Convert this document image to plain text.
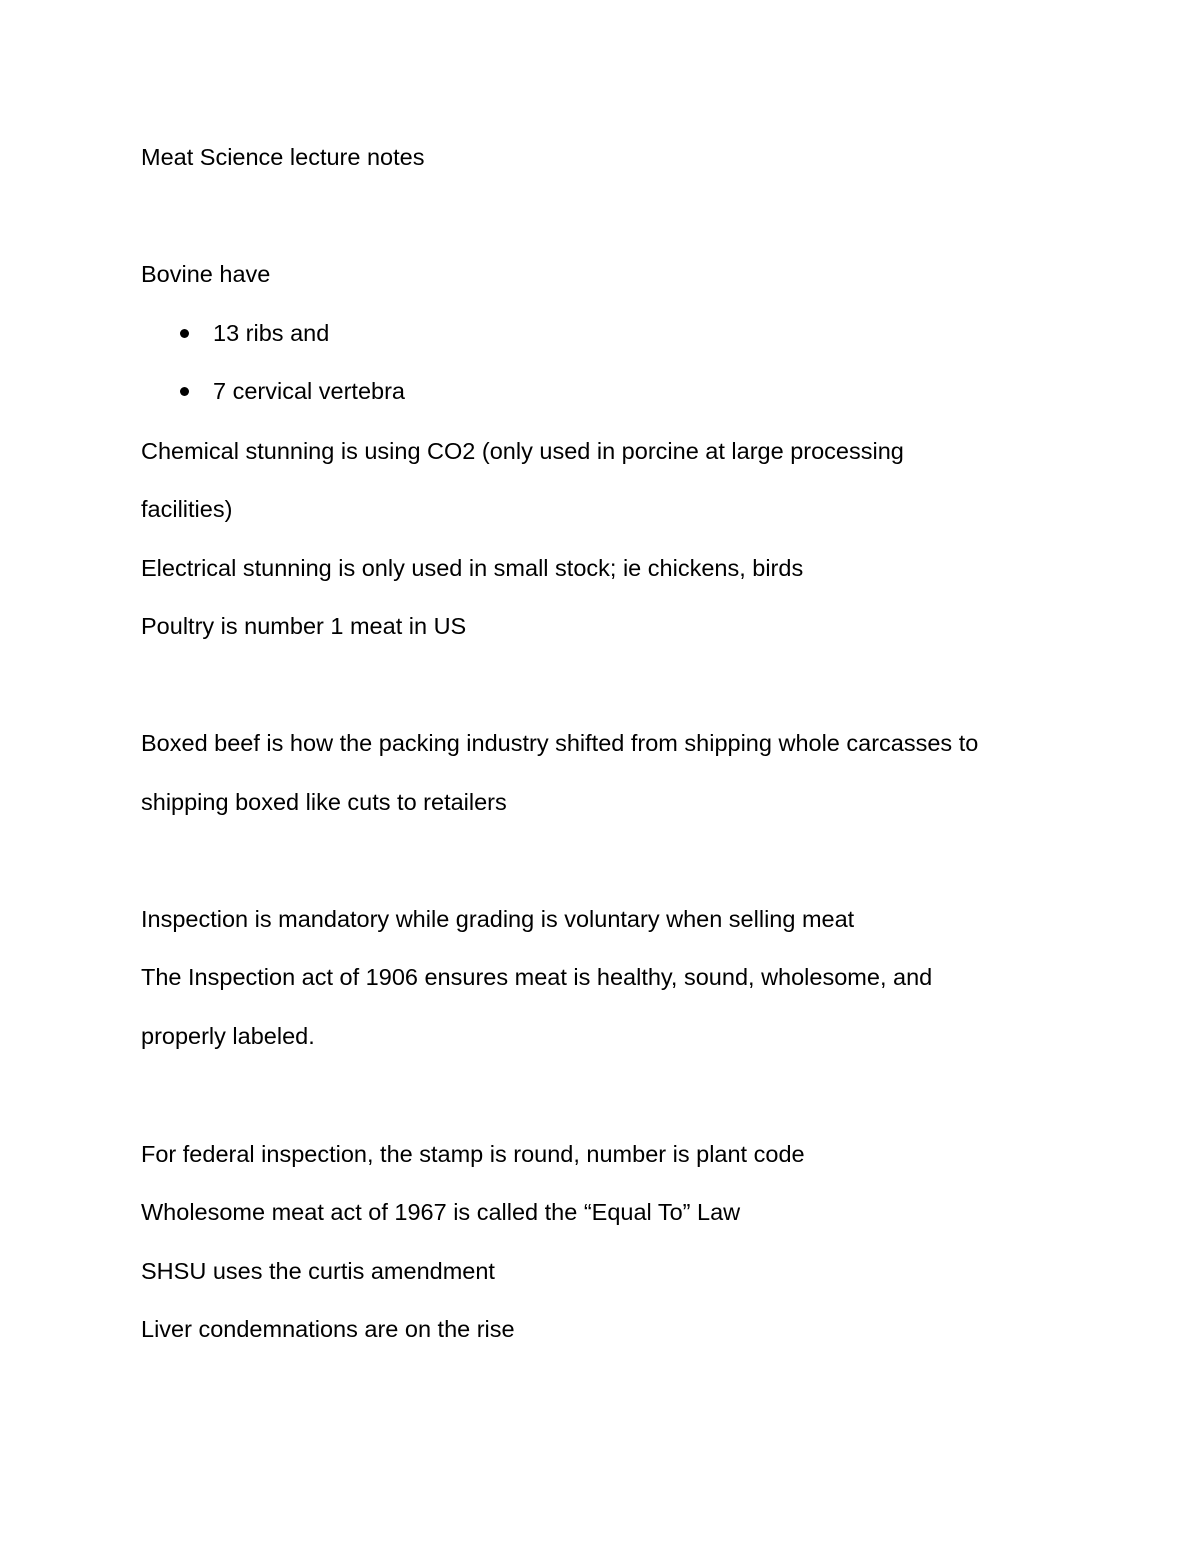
Meat Science lecture notes
Bovine have
13 ribs and
7 cervical vertebra
Chemical stunning is using CO2 (only used in porcine at large processing
facilities)
Electrical stunning is only used in small stock; ie chickens, birds
Poultry is number 1 meat in US
Boxed beef is how the packing industry shifted from shipping whole carcasses to
shipping boxed like cuts to retailers
Inspection is mandatory while grading is voluntary when selling meat
The Inspection act of 1906 ensures meat is healthy, sound, wholesome, and
properly labeled.
For federal inspection, the stamp is round, number is plant code
Wholesome meat act of 1967 is called the “Equal To” Law
SHSU uses the curtis amendment
Liver condemnations are on the rise
